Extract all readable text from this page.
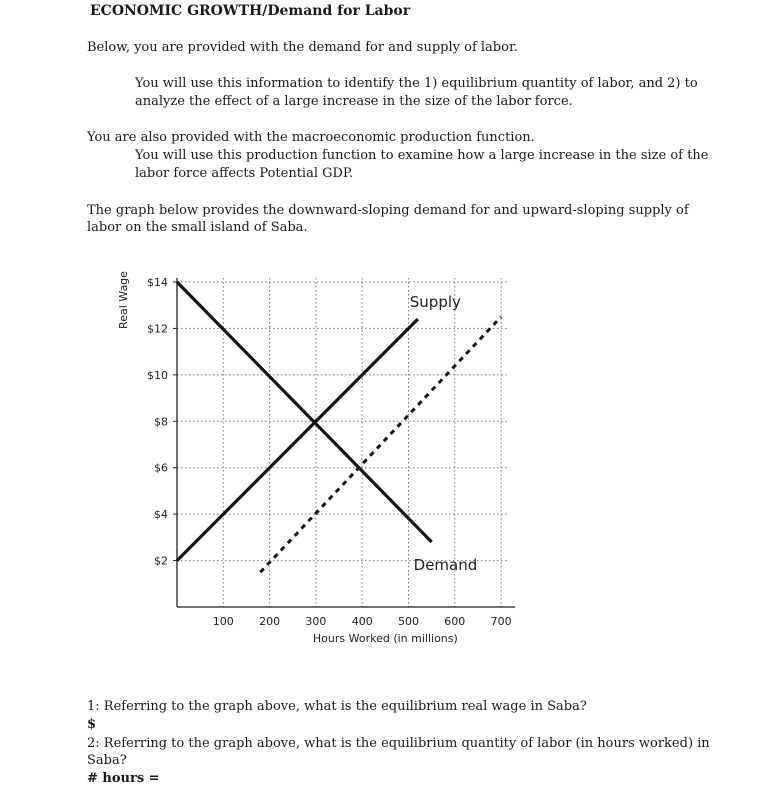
ECONOMIC GROWTH/Demand for Labor
Below, you are provided with the demand for and supply of labor.
You will use this information to identify the 1) equilibrium quantity of labor, and 2) to
analyze the effect of a large increase in the size of the labor force.
You are also provided with the macroeconomic production function.
You will use this production function to examine how a large increase in the size of the
labor force affects Potential GDP.
The graph below provides the downward-sloping demand for and upward-sloping supply of
labor on the small island of Saba.
$2
$4
$6
$8
$10
$12
$14
100 200 300 400 500 600 700
Hours Worked (in millions)
Real Wage	Supply
Demand
1: Referring to the graph above, what is the equilibrium real wage in Saba?
$
2: Referring to the graph above, what is the equilibrium quantity of labor (in hours worked) in
Saba?
# hours =
